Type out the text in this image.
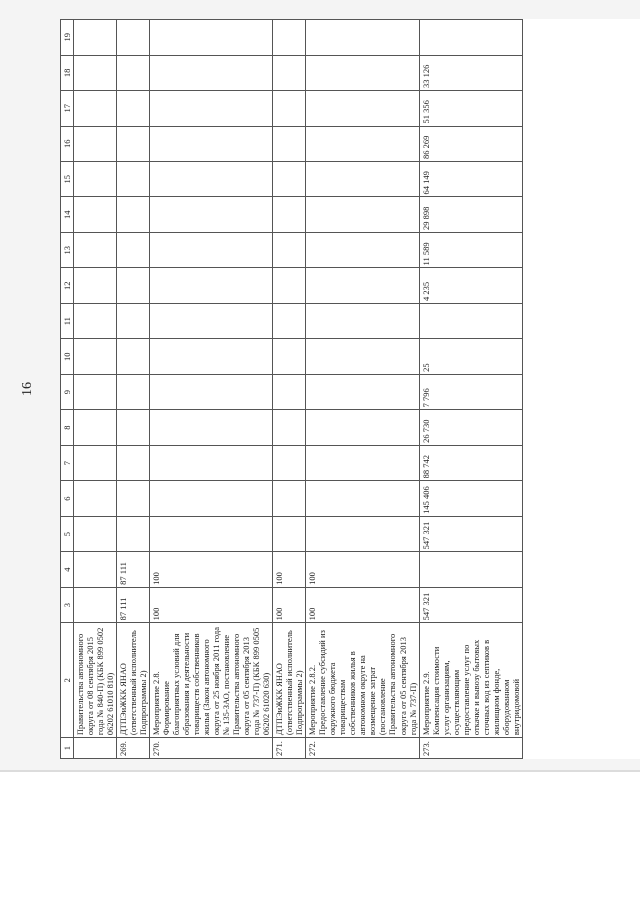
16
1	2	3	4	5	6	7	8	9	10	11	12	13	14	15	16	17	18	19
	Правительства автономного округа от 08 сентября 2015 года № 840-П) (КБК 899 0502 06202 61010 810)																	
269.	ДТПЭиЖКК ЯНАО (ответственный исполнитель Подпрограммы 2)	87 111	87 111															
270.	Мероприятие 2.8. Формирование благоприятных условий для образования и деятельности товариществ собственников жилья (Закон автономного округа от 25 ноября 2011 года № 135-ЗАО, постановление Правительства автономного округа от 05 сентября 2013 года № 737-П) (КБК 899 0505 06202 61020 630)	100	100															
271.	ДТПЭиЖКК ЯНАО (ответственный исполнитель Подпрограммы 2)	100	100															
272.	Мероприятие 2.8.2. Предоставление субсидий из окружного бюджета товариществам собственников жилья в автономном округе на возмещение затрат (постановление Правительства автономного округа от 05 сентября 2013 года № 737-П)	100	100															
273.	Мероприятие 2.9. Компенсация стоимости услуг организациям, осуществляющим предоставление услуг по откачке и вывозу бытовых сточных вод из септиков в жилищном фонде, оборудованном внутридомовой	547 321		547 321	145 406	88 742	26 730	7 796	25		4 235	11 589	29 898	64 149	86 269	51 356	33 126	
